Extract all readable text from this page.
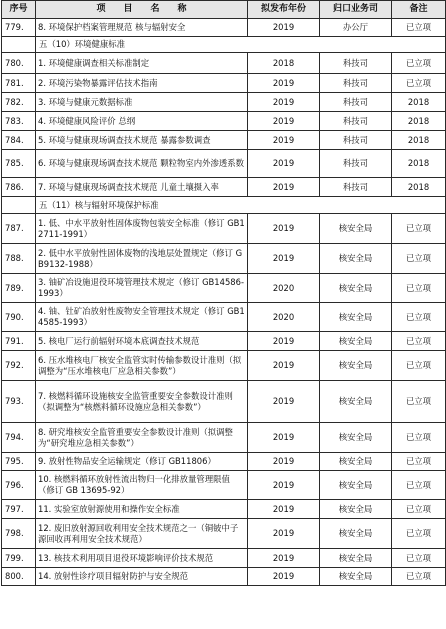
序号	项　　目　　名　　称	拟发布年份	归口业务司	备注
779.	8. 环境保护档案管理规范 核与辐射安全	2019	办公厅	已立项
	五（10）环境健康标准			
780.	1. 环境健康调查相关标准制定	2018	科技司	已立项
781.	2. 环境污染物暴露评估技术指南	2019	科技司	已立项
782.	3. 环境与健康元数据标准	2019	科技司	2018
783.	4. 环境健康风险评价 总纲	2019	科技司	2018
784.	5. 环境与健康现场调查技术规范 暴露参数调查	2019	科技司	2018
785.	6. 环境与健康现场调查技术规范 颗粒物室内外渗透系数	2019	科技司	2018
786.	7. 环境与健康现场调查技术规范 儿童土壤摄入率	2019	科技司	2018
	五（11）核与辐射环境保护标准			
787.	1. 低、中水平放射性固体废物包装安全标准（修订 GB12711-1991）	2019	核安全局	已立项
788.	2. 低中水平放射性固体废物的浅地层处置规定（修订 GB9132-1988）	2019	核安全局	已立项
789.	3. 铀矿冶设施退役环境管理技术规定（修订 GB14586-1993）	2020	核安全局	已立项
790.	4. 铀、钍矿冶放射性废物安全管理技术规定（修订 GB14585-1993）	2020	核安全局	已立项
791.	5. 核电厂运行前辐射环境本底调查技术规范	2019	核安全局	已立项
792.	6. 压水堆核电厂核安全监管实时传输参数设计准则（拟调整为“压水堆核电厂应急相关参数”）	2019	核安全局	已立项
793.	7. 核燃料循环设施核安全监管重要安全参数设计准则（拟调整为“核燃料循环设施应急相关参数”）	2019	核安全局	已立项
794.	8. 研究堆核安全监管重要安全参数设计准则（拟调整为“研究堆应急相关参数”）	2019	核安全局	已立项
795.	9. 放射性物品安全运输规定（修订 GB11806）	2019	核安全局	已立项
796.	10. 核燃料循环放射性流出物归一化排放量管理限值（修订 GB 13695-92）	2019	核安全局	已立项
797.	11. 实验室放射源使用和操作安全标准	2019	核安全局	已立项
798.	12. 废旧放射源回收利用安全技术规范之一（铜铍中子源回收再利用安全技术规范）	2019	核安全局	已立项
799.	13. 核技术利用项目退役环境影响评价技术规范	2019	核安全局	已立项
800.	14. 放射性诊疗项目辐射防护与安全规范	2019	核安全局	已立项
